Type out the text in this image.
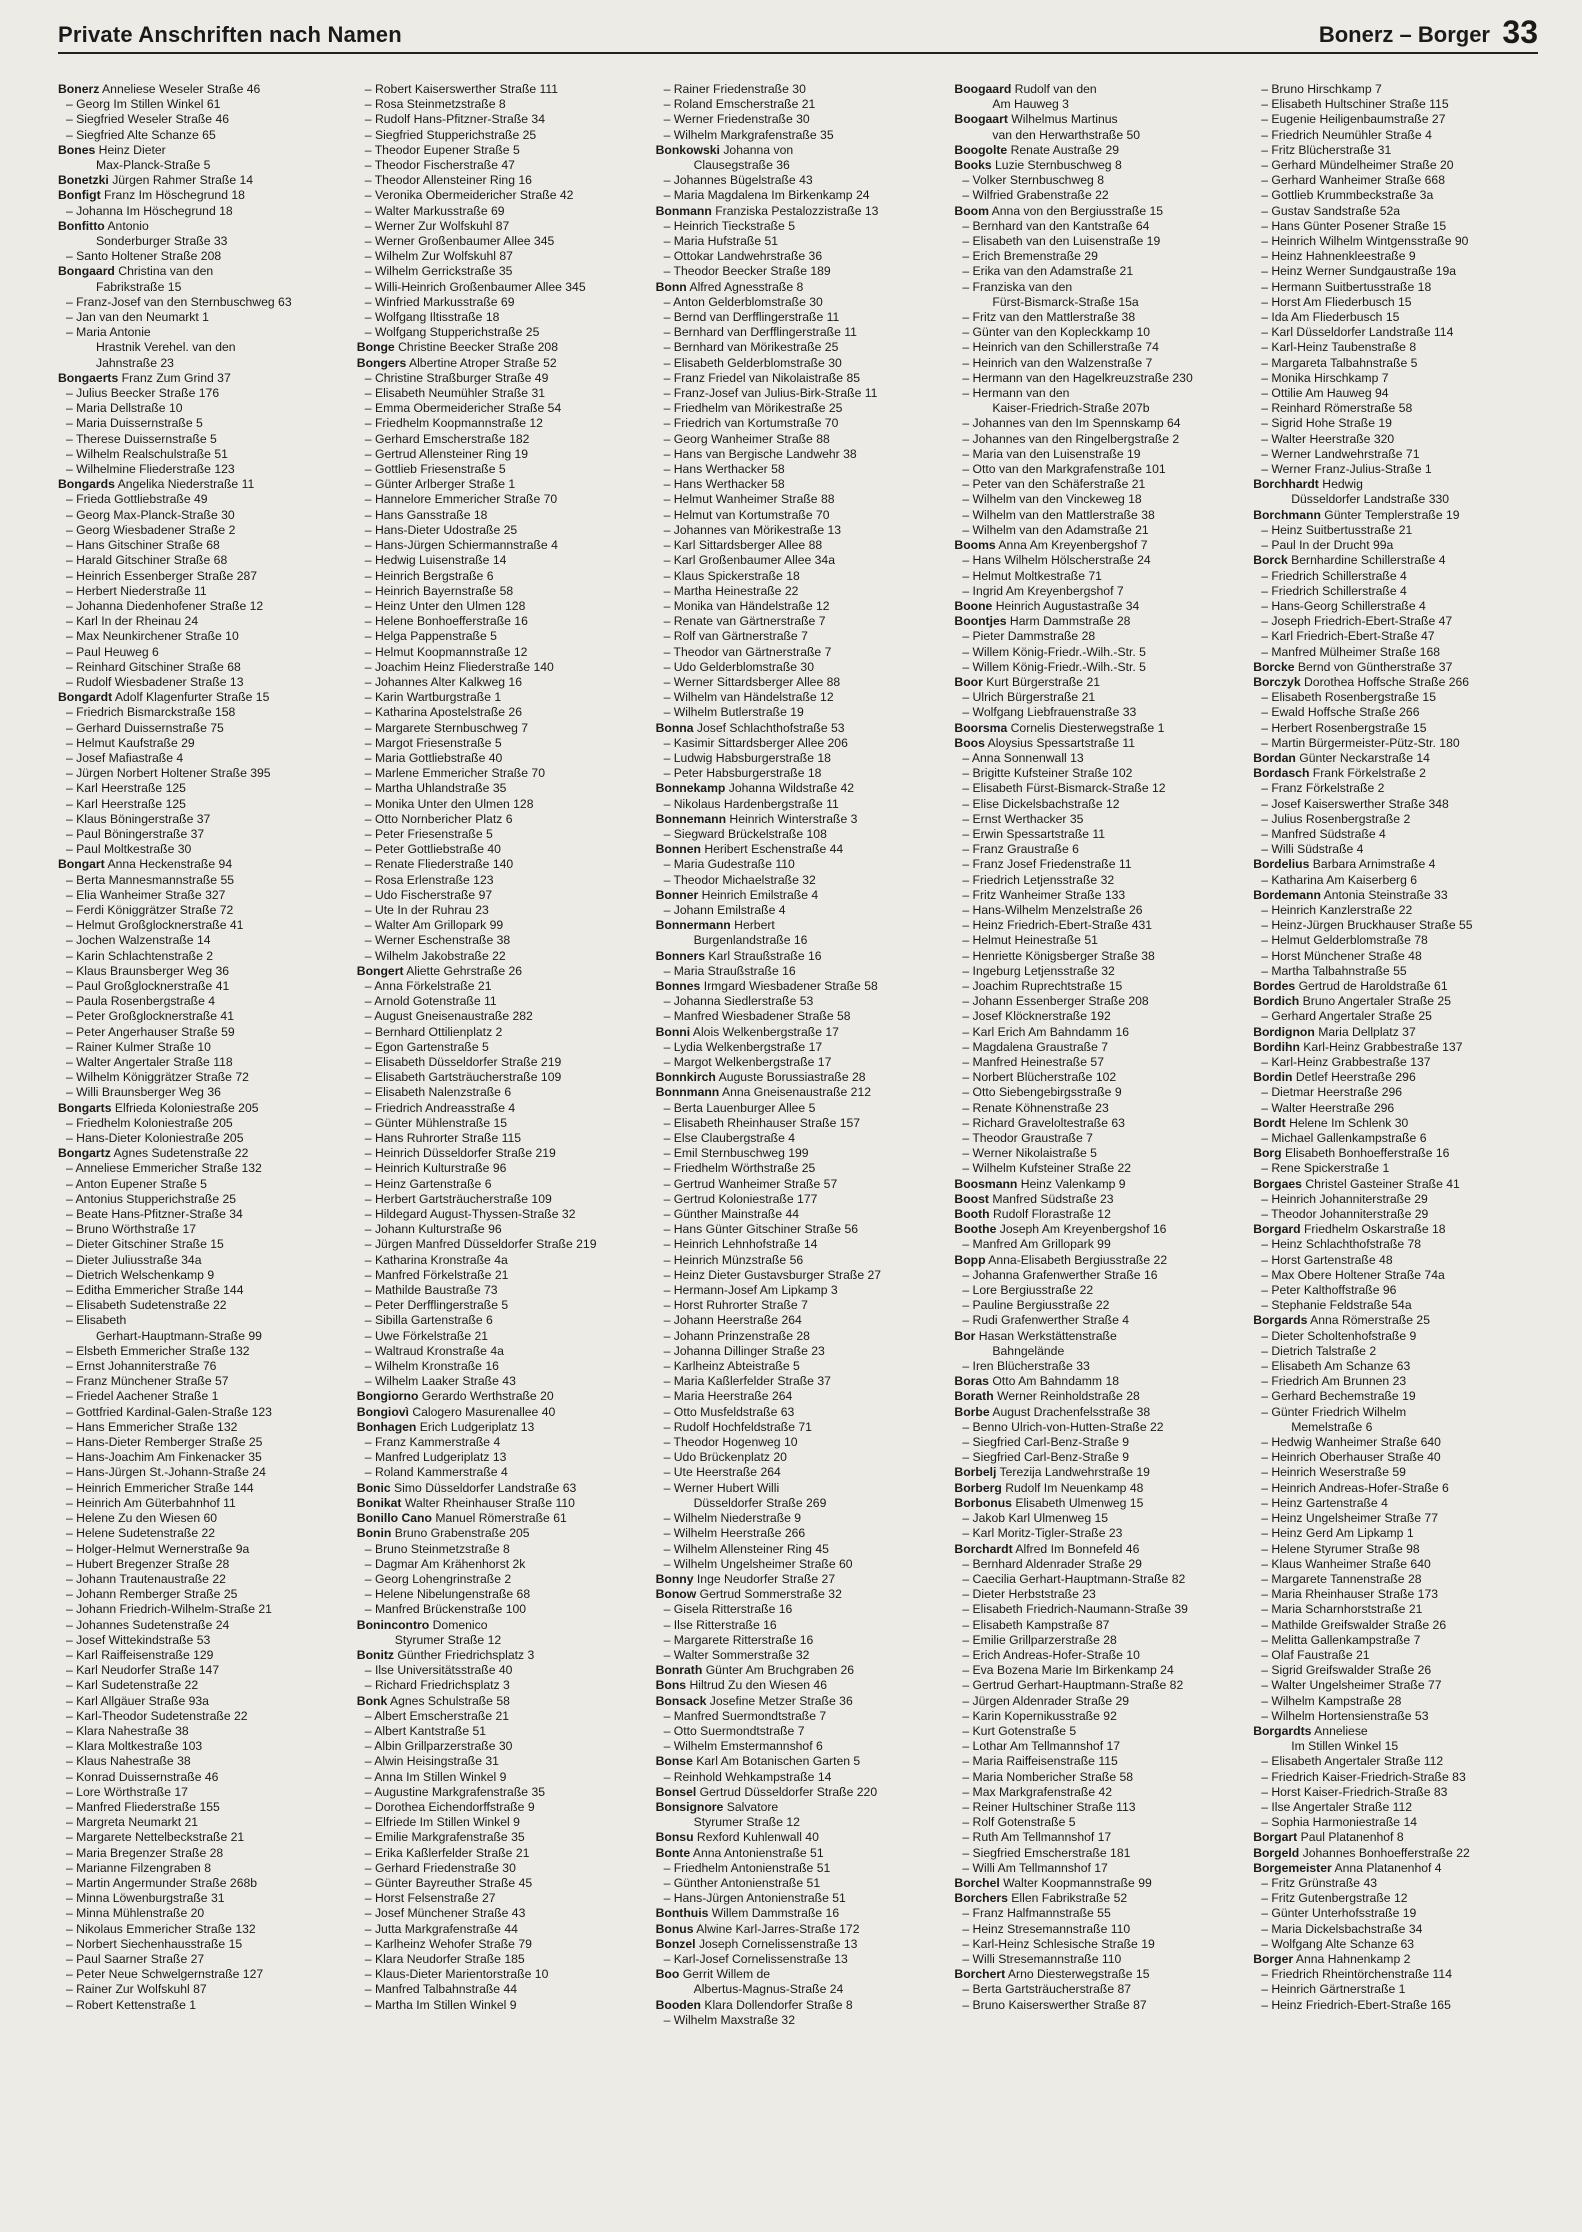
Private Anschriften nach Namen	Bonerz – Borger 33
Bonerz Anneliese Weseler Straße 46
– Georg Im Stillen Winkel 61
– Siegfried Weseler Straße 46
– Siegfried Alte Schanze 65
Bones Heinz Dieter
Max-Planck-Straße 5
Bonetzki Jürgen Rahmer Straße 14
Bonfigt Franz Im Höschegrund 18
– Johanna Im Höschegrund 18
Bonfitto Antonio
Sonderburger Straße 33
– Santo Holtener Straße 208
Bongaard Christina van den
Fabrikstraße 15
– Franz-Josef van den Sternbuschweg 63
– Jan van den Neumarkt 1
– Maria Antonie
Hrastnik Verehel. van den
Jahnstraße 23
Bongaerts Franz Zum Grind 37
– Julius Beecker Straße 176
– Maria Dellstraße 10
– Maria Duissernstraße 5
– Therese Duissernstraße 5
– Wilhelm Realschulstraße 51
– Wilhelmine Fliederstraße 123
Bongards Angelika Niederstraße 11
– Frieda Gottliebstraße 49
– Georg Max-Planck-Straße 30
– Georg Wiesbadener Straße 2
– Hans Gitschiner Straße 68
– Harald Gitschiner Straße 68
– Heinrich Essenberger Straße 287
– Herbert Niederstraße 11
– Johanna Diedenhofener Straße 12
– Karl In der Rheinau 24
– Max Neunkirchener Straße 10
– Paul Heuweg 6
– Reinhard Gitschiner Straße 68
– Rudolf Wiesbadener Straße 13
Bongardt Adolf Klagenfurter Straße 15
– Friedrich Bismarckstraße 158
– Gerhard Duissernstraße 75
– Helmut Kaufstraße 29
– Josef Mafiastraße 4
– Jürgen Norbert Holtener Straße 395
– Karl Heerstraße 125
– Karl Heerstraße 125
– Klaus Böningerstraße 37
– Paul Böningerstraße 37
– Paul Moltkestraße 30
Bongart Anna Heckenstraße 94
– Berta Mannesmannstraße 55
– Elia Wanheimer Straße 327
– Ferdi Königgrätzer Straße 72
– Helmut Großglocknerstraße 41
– Jochen Walzenstraße 14
– Karin Schlachtenstraße 2
– Klaus Braunsberger Weg 36
– Paul Großglocknerstraße 41
– Paula Rosenbergstraße 4
– Peter Großglocknerstraße 41
– Peter Angerhauser Straße 59
– Rainer Kulmer Straße 10
– Walter Angertaler Straße 118
– Wilhelm Königgrätzer Straße 72
– Willi Braunsberger Weg 36
Bongarts Elfrieda Koloniestraße 205
– Friedhelm Koloniestraße 205
– Hans-Dieter Koloniestraße 205
Bongartz Agnes Sudetenstraße 22
– Anneliese Emmericher Straße 132
– Anton Eupener Straße 5
– Antonius Stupperichstraße 25
– Beate Hans-Pfitzner-Straße 34
– Bruno Wörthstraße 17
– Dieter Gitschiner Straße 15
– Dieter Juliusstraße 34a
– Dietrich Welschenkamp 9
– Editha Emmericher Straße 144
– Elisabeth Sudetenstraße 22
– Elisabeth
Gerhart-Hauptmann-Straße 99
– Elsbeth Emmericher Straße 132
– Ernst Johanniterstraße 76
– Franz Münchener Straße 57
– Friedel Aachener Straße 1
– Gottfried Kardinal-Galen-Straße 123
– Hans Emmericher Straße 132
– Hans-Dieter Remberger Straße 25
– Hans-Joachim Am Finkenacker 35
– Hans-Jürgen St.-Johann-Straße 24
– Heinrich Emmericher Straße 144
– Heinrich Am Güterbahnhof 11
– Helene Zu den Wiesen 60
– Helene Sudetenstraße 22
– Holger-Helmut Wernerstraße 9a
– Hubert Bregenzer Straße 28
– Johann Trautenaustraße 22
– Johann Remberger Straße 25
– Johann Friedrich-Wilhelm-Straße 21
– Johannes Sudetenstraße 24
– Josef Wittekindstraße 53
– Karl Raiffeisenstraße 129
– Karl Neudorfer Straße 147
– Karl Sudetenstraße 22
– Karl Allgäuer Straße 93a
– Karl-Theodor Sudetenstraße 22
– Klara Nahestraße 38
– Klara Moltkestraße 103
– Klaus Nahestraße 38
– Konrad Duissernstraße 46
– Lore Wörthstraße 17
– Manfred Fliederstraße 155
– Margreta Neumarkt 21
– Margarete Nettelbeckstraße 21
– Maria Bregenzer Straße 28
– Marianne Filzengraben 8
– Martin Angermunder Straße 268b
– Minna Löwenburgstraße 31
– Minna Mühlenstraße 20
– Nikolaus Emmericher Straße 132
– Norbert Siechenhausstraße 15
– Paul Saarner Straße 27
– Peter Neue Schwelgernstraße 127
– Rainer Zur Wolfskuhl 87
– Robert Kettenstraße 1
– Robert Kaiserswerther Straße 111
– Rosa Steinmetzstraße 8
– Rudolf Hans-Pfitzner-Straße 34
– Siegfried Stupperichstraße 25
– Theodor Eupener Straße 5
– Theodor Fischerstraße 47
– Theodor Allensteiner Ring 16
– Veronika Obermeidericher Straße 42
– Walter Markusstraße 69
– Werner Zur Wolfskuhl 87
– Werner Großenbaumer Allee 345
– Wilhelm Zur Wolfskuhl 87
– Wilhelm Gerrickstraße 35
– Willi-Heinrich Großenbaumer Allee 345
– Winfried Markusstraße 69
– Wolfgang Iltisstraße 18
– Wolfgang Stupperichstraße 25
Bonge Christine Beecker Straße 208
Bongers Albertine Atroper Straße 52
– Christine Straßburger Straße 49
– Elisabeth Neumühler Straße 31
– Emma Obermeidericher Straße 54
– Friedhelm Koopmannstraße 12
– Gerhard Emscherstraße 182
– Gertrud Allensteiner Ring 19
– Gottlieb Friesenstraße 5
– Günter Arlberger Straße 1
– Hannelore Emmericher Straße 70
– Hans Gansstraße 18
– Hans-Dieter Udostraße 25
– Hans-Jürgen Schiermannstraße 4
– Hedwig Luisenstraße 14
– Heinrich Bergstraße 6
– Heinrich Bayernstraße 58
– Heinz Unter den Ulmen 128
– Helene Bonhoefferstraße 16
– Helga Pappenstraße 5
– Helmut Koopmannstraße 12
– Joachim Heinz Fliederstraße 140
– Johannes Alter Kalkweg 16
– Karin Wartburgstraße 1
– Katharina Apostelstraße 26
– Margarete Sternbuschweg 7
– Margot Friesenstraße 5
– Maria Gottliebstraße 40
– Marlene Emmericher Straße 70
– Martha Uhlandstraße 35
– Monika Unter den Ulmen 128
– Otto Nornbericher Platz 6
– Peter Friesenstraße 5
– Peter Gottliebstraße 40
– Renate Fliederstraße 140
– Rosa Erlenstraße 123
– Udo Fischerstraße 97
– Ute In der Ruhrau 23
– Walter Am Grillopark 99
– Werner Eschenstraße 38
– Wilhelm Jakobstraße 22
Bongert Aliette Gehrstraße 26
– Anna Förkelstraße 21
– Arnold Gotenstraße 11
– August Gneisenaustraße 282
– Bernhard Ottilienplatz 2
– Egon Gartenstraße 5
– Elisabeth Düsseldorfer Straße 219
– Elisabeth Gartsträucherstraße 109
– Elisabeth Nalenzstraße 6
– Friedrich Andreasstraße 4
– Günter Mühlenstraße 15
– Hans Ruhrorter Straße 115
– Heinrich Düsseldorfer Straße 219
– Heinrich Kulturstraße 96
– Heinz Gartenstraße 6
– Herbert Gartsträucherstraße 109
– Hildegard August-Thyssen-Straße 32
– Johann Kulturstraße 96
– Jürgen Manfred Düsseldorfer Straße 219
– Katharina Kronstraße 4a
– Manfred Förkelstraße 21
– Mathilde Baustraße 73
– Peter Derfflingerstraße 5
– Sibilla Gartenstraße 6
– Uwe Förkelstraße 21
– Waltraud Kronstraße 4a
– Wilhelm Kronstraße 16
– Wilhelm Laaker Straße 43
Bongiorno Gerardo Werthstraße 20
Bongiovì Calogero Masurenallee 40
Bonhagen Erich Ludgeriplatz 13
– Franz Kammerstraße 4
– Manfred Ludgeriplatz 13
– Roland Kammerstraße 4
Bonic Simo Düsseldorfer Landstraße 63
Bonikat Walter Rheinhauser Straße 110
Bonillo Cano Manuel Römerstraße 61
Bonin Bruno Grabenstraße 205
– Bruno Steinmetzstraße 8
– Dagmar Am Krähenhorst 2k
– Georg Lohengrinstraße 2
– Helene Nibelungenstraße 68
– Manfred Brückenstraße 100
Bonincontro Domenico
Styrumer Straße 12
Bonitz Günther Friedrichsplatz 3
– Ilse Universitätsstraße 40
– Richard Friedrichsplatz 3
Bonk Agnes Schulstraße 58
– Albert Emscherstraße 21
– Albert Kantstraße 51
– Albin Grillparzerstraße 30
– Alwin Heisingstraße 31
– Anna Im Stillen Winkel 9
– Augustine Markgrafenstraße 35
– Dorothea Eichendorffstraße 9
– Elfriede Im Stillen Winkel 9
– Emilie Markgrafenstraße 35
– Erika Kaßlerfelder Straße 21
– Gerhard Friedenstraße 30
– Günter Bayreuther Straße 45
– Horst Felsenstraße 27
– Josef Münchener Straße 43
– Jutta Markgrafenstraße 44
– Karlheinz Wehofer Straße 79
– Klara Neudorfer Straße 185
– Klaus-Dieter Marientorstraße 10
– Manfred Talbahnstraße 44
– Martha Im Stillen Winkel 9
– Rainer Friedenstraße 30
– Roland Emscherstraße 21
– Werner Friedenstraße 30
– Wilhelm Markgrafenstraße 35
Bonkowski Johanna von
Clausegstraße 36
– Johannes Bügelstraße 43
– Maria Magdalena Im Birkenkamp 24
Bonmann Franziska Pestalozzistraße 13
– Heinrich Tieckstraße 5
– Maria Hufstraße 51
– Ottokar Landwehrstraße 36
– Theodor Beecker Straße 189
Bonn Alfred Agnesstraße 8
– Anton Gelderblomstraße 30
– Bernd van Derfflingerstraße 11
– Bernhard van Derfflingerstraße 11
– Bernhard van Mörikestraße 25
– Elisabeth Gelderblomstraße 30
– Franz Friedel van Nikolaistraße 85
– Franz-Josef van Julius-Birk-Straße 11
– Friedhelm van Mörikestraße 25
– Friedrich van Kortumstraße 70
– Georg Wanheimer Straße 88
– Hans van Bergische Landwehr 38
– Hans Werthacker 58
– Hans Werthacker 58
– Helmut Wanheimer Straße 88
– Helmut van Kortumstraße 70
– Johannes van Mörikestraße 13
– Karl Sittardsberger Allee 88
– Karl Großenbaumer Allee 34a
– Klaus Spickerstraße 18
– Martha Heinestraße 22
– Monika van Händelstraße 12
– Renate van Gärtnerstraße 7
– Rolf van Gärtnerstraße 7
– Theodor van Gärtnerstraße 7
– Udo Gelderblomstraße 30
– Werner Sittardsberger Allee 88
– Wilhelm van Händelstraße 12
– Wilhelm Butlerstraße 19
Bonna Josef Schlachthofstraße 53
– Kasimir Sittardsberger Allee 206
– Ludwig Habsburgerstraße 18
– Peter Habsburgerstraße 18
Bonnekamp Johanna Wildstraße 42
– Nikolaus Hardenbergstraße 11
Bonnemann Heinrich Winterstraße 3
– Siegward Brückelstraße 108
Bonnen Heribert Eschenstraße 44
– Maria Gudestraße 110
– Theodor Michaelstraße 32
Bonner Heinrich Emilstraße 4
– Johann Emilstraße 4
Bonnermann Herbert
Burgenlandstraße 16
Bonners Karl Straußstraße 16
– Maria Straußstraße 16
Bonnes Irmgard Wiesbadener Straße 58
– Johanna Siedlerstraße 53
– Manfred Wiesbadener Straße 58
Bonni Alois Welkenbergstraße 17
– Lydia Welkenbergstraße 17
– Margot Welkenbergstraße 17
Bonnkirch Auguste Borussiastraße 28
Bonnmann Anna Gneisenaustraße 212
– Berta Lauenburger Allee 5
– Elisabeth Rheinhauser Straße 157
– Else Claubergstraße 4
– Emil Sternbuschweg 199
– Friedhelm Wörthstraße 25
– Gertrud Wanheimer Straße 57
– Gertrud Koloniestraße 177
– Günther Mainstraße 44
– Hans Günter Gitschiner Straße 56
– Heinrich Lehnhofstraße 14
– Heinrich Münzstraße 56
– Heinz Dieter Gustavsburger Straße 27
– Hermann-Josef Am Lipkamp 3
– Horst Ruhrorter Straße 7
– Johann Heerstraße 264
– Johann Prinzenstraße 28
– Johanna Dillinger Straße 23
– Karlheinz Abteistraße 5
– Maria Kaßlerfelder Straße 37
– Maria Heerstraße 264
– Otto Musfeldstraße 63
– Rudolf Hochfeldstraße 71
– Theodor Hogenweg 10
– Udo Brückenplatz 20
– Ute Heerstraße 264
– Werner Hubert Willi
Düsseldorfer Straße 269
– Wilhelm Niederstraße 9
– Wilhelm Heerstraße 266
– Wilhelm Allensteiner Ring 45
– Wilhelm Ungelsheimer Straße 60
Bonny Inge Neudorfer Straße 27
Bonow Gertrud Sommerstraße 32
– Gisela Ritterstraße 16
– Ilse Ritterstraße 16
– Margarete Ritterstraße 16
– Walter Sommerstraße 32
Bonrath Günter Am Bruchgraben 26
Bons Hiltrud Zu den Wiesen 46
Bonsack Josefine Metzer Straße 36
– Manfred Suermondtstraße 7
– Otto Suermondtstraße 7
– Wilhelm Emstermannshof 6
Bonse Karl Am Botanischen Garten 5
– Reinhold Wehkampstraße 14
Bonsel Gertrud Düsseldorfer Straße 220
Bonsignore Salvatore
Styrumer Straße 12
Bonsu Rexford Kuhlenwall 40
Bonte Anna Antonienstraße 51
– Friedhelm Antonienstraße 51
– Günther Antonienstraße 51
– Hans-Jürgen Antonienstraße 51
Bonthuis Willem Dammstraße 16
Bonus Alwine Karl-Jarres-Straße 172
Bonzel Joseph Cornelissenstraße 13
– Karl-Josef Cornelissenstraße 13
Boo Gerrit Willem de
Albertus-Magnus-Straße 24
Booden Klara Dollendorfer Straße 8
– Wilhelm Maxstraße 32
Boogaard Rudolf van den
Am Hauweg 3
Boogaart Wilhelmus Martinus
van den Herwarthstraße 50
Boogolte Renate Austraße 29
Books Luzie Sternbuschweg 8
– Volker Sternbuschweg 8
– Wilfried Grabenstraße 22
Boom Anna von den Bergiusstraße 15
– Bernhard van den Kantstraße 64
– Elisabeth van den Luisenstraße 19
– Erich Bremenstraße 29
– Erika van den Adamstraße 21
– Franziska van den
Fürst-Bismarck-Straße 15a
– Fritz van den Mattlerstraße 38
– Günter van den Kopleckkamp 10
– Heinrich van den Schillerstraße 74
– Heinrich van den Walzenstraße 7
– Hermann van den Hagelkreuzstraße 230
– Hermann van den
Kaiser-Friedrich-Straße 207b
– Johannes van den Im Spennskamp 64
– Johannes van den Ringelbergstraße 2
– Maria van den Luisenstraße 19
– Otto van den Markgrafenstraße 101
– Peter van den Schäferstraße 21
– Wilhelm van den Vinckeweg 18
– Wilhelm van den Mattlerstraße 38
– Wilhelm van den Adamstraße 21
Booms Anna Am Kreyenbergshof 7
– Hans Wilhelm Hölscherstraße 24
– Helmut Moltkestraße 71
– Ingrid Am Kreyenbergshof 7
Boone Heinrich Augustastraße 34
Boontjes Harm Dammstraße 28
– Pieter Dammstraße 28
– Willem König-Friedr.-Wilh.-Str. 5
– Willem König-Friedr.-Wilh.-Str. 5
Boor Kurt Bürgerstraße 21
– Ulrich Bürgerstraße 21
– Wolfgang Liebfrauenstraße 33
Boorsma Cornelis Diesterwegstraße 1
Boos Aloysius Spessartstraße 11
– Anna Sonnenwall 13
– Brigitte Kufsteiner Straße 102
– Elisabeth Fürst-Bismarck-Straße 12
– Elise Dickelsbachstraße 12
– Ernst Werthacker 35
– Erwin Spessartstraße 11
– Franz Graustraße 6
– Franz Josef Friedenstraße 11
– Friedrich Letjensstraße 32
– Fritz Wanheimer Straße 133
– Hans-Wilhelm Menzelstraße 26
– Heinz Friedrich-Ebert-Straße 431
– Helmut Heinestraße 51
– Henriette Königsberger Straße 38
– Ingeburg Letjensstraße 32
– Joachim Ruprechtstraße 15
– Johann Essenberger Straße 208
– Josef Klöcknerstraße 192
– Karl Erich Am Bahndamm 16
– Magdalena Graustraße 7
– Manfred Heinestraße 57
– Norbert Blücherstraße 102
– Otto Siebengebirgsstraße 9
– Renate Köhnenstraße 23
– Richard Graveloltestraße 63
– Theodor Graustraße 7
– Werner Nikolaistraße 5
– Wilhelm Kufsteiner Straße 22
Boosmann Heinz Valenkamp 9
Boost Manfred Südstraße 23
Booth Rudolf Florastraße 12
Boothe Joseph Am Kreyenbergshof 16
– Manfred Am Grillopark 99
Bopp Anna-Elisabeth Bergiusstraße 22
– Johanna Grafenwerther Straße 16
– Lore Bergiusstraße 22
– Pauline Bergiusstraße 22
– Rudi Grafenwerther Straße 4
Bor Hasan Werkstättenstraße
Bahngelände
– Iren Blücherstraße 33
Boras Otto Am Bahndamm 18
Borath Werner Reinholdstraße 28
Borbe August Drachenfelsstraße 38
– Benno Ulrich-von-Hutten-Straße 22
– Siegfried Carl-Benz-Straße 9
– Siegfried Carl-Benz-Straße 9
Borbelj Terezija Landwehrstraße 19
Borberg Rudolf Im Neuenkamp 48
Borbonus Elisabeth Ulmenweg 15
– Jakob Karl Ulmenweg 15
– Karl Moritz-Tigler-Straße 23
Borchardt Alfred Im Bonnefeld 46
– Bernhard Aldenrader Straße 29
– Caecilia Gerhart-Hauptmann-Straße 82
– Dieter Herbststraße 23
– Elisabeth Friedrich-Naumann-Straße 39
– Elisabeth Kampstraße 87
– Emilie Grillparzerstraße 28
– Erich Andreas-Hofer-Straße 10
– Eva Bozena Marie Im Birkenkamp 24
– Gertrud Gerhart-Hauptmann-Straße 82
– Jürgen Aldenrader Straße 29
– Karin Kopernikusstraße 92
– Kurt Gotenstraße 5
– Lothar Am Tellmannshof 17
– Maria Raiffeisenstraße 115
– Maria Nombericher Straße 58
– Max Markgrafenstraße 42
– Reiner Hultschiner Straße 113
– Rolf Gotenstraße 5
– Ruth Am Tellmannshof 17
– Siegfried Emscherstraße 181
– Willi Am Tellmannshof 17
Borchel Walter Koopmannstraße 99
Borchers Ellen Fabrikstraße 52
– Franz Halfmannstraße 55
– Heinz Stresemannstraße 110
– Karl-Heinz Schlesische Straße 19
– Willi Stresemannstraße 110
Borchert Arno Diesterwegstraße 15
– Berta Gartsträucherstraße 87
– Bruno Kaiserswerther Straße 87
– Bruno Hirschkamp 7
– Elisabeth Hultschiner Straße 115
– Eugenie Heiligenbaumstraße 27
– Friedrich Neumühler Straße 4
– Fritz Blücherstraße 31
– Gerhard Mündelheimer Straße 20
– Gerhard Wanheimer Straße 668
– Gottlieb Krummbeckstraße 3a
– Gustav Sandstraße 52a
– Hans Günter Posener Straße 15
– Heinrich Wilhelm Wintgensstraße 90
– Heinz Hahnenkleestraße 9
– Heinz Werner Sundgaustraße 19a
– Hermann Suitbertusstraße 18
– Horst Am Fliederbusch 15
– Ida Am Fliederbusch 15
– Karl Düsseldorfer Landstraße 114
– Karl-Heinz Taubenstraße 8
– Margareta Talbahnstraße 5
– Monika Hirschkamp 7
– Ottilie Am Hauweg 94
– Reinhard Römerstraße 58
– Sigrid Hohe Straße 19
– Walter Heerstraße 320
– Werner Landwehrstraße 71
– Werner Franz-Julius-Straße 1
Borchhardt Hedwig
Düsseldorfer Landstraße 330
Borchmann Günter Templerstraße 19
– Heinz Suitbertusstraße 21
– Paul In der Drucht 99a
Borck Bernhardine Schillerstraße 4
– Friedrich Schillerstraße 4
– Friedrich Schillerstraße 4
– Hans-Georg Schillerstraße 4
– Joseph Friedrich-Ebert-Straße 47
– Karl Friedrich-Ebert-Straße 47
– Manfred Mülheimer Straße 168
Borcke Bernd von Güntherstraße 37
Borczyk Dorothea Hoffsche Straße 266
– Elisabeth Rosenbergstraße 15
– Ewald Hoffsche Straße 266
– Herbert Rosenbergstraße 15
– Martin Bürgermeister-Pütz-Str. 180
Bordan Günter Neckarstraße 14
Bordasch Frank Förkelstraße 2
– Franz Förkelstraße 2
– Josef Kaiserswerther Straße 348
– Julius Rosenbergstraße 2
– Manfred Südstraße 4
– Willi Südstraße 4
Bordelius Barbara Arnimstraße 4
– Katharina Am Kaiserberg 6
Bordemann Antonia Steinstraße 33
– Heinrich Kanzlerstraße 22
– Heinz-Jürgen Bruckhauser Straße 55
– Helmut Gelderblomstraße 78
– Horst Münchener Straße 48
– Martha Talbahnstraße 55
Bordes Gertrud de Haroldstraße 61
Bordich Bruno Angertaler Straße 25
– Gerhard Angertaler Straße 25
Bordignon Maria Dellplatz 37
Bordihn Karl-Heinz Grabbestraße 137
– Karl-Heinz Grabbestraße 137
Bordin Detlef Heerstraße 296
– Dietmar Heerstraße 296
– Walter Heerstraße 296
Bordt Helene Im Schlenk 30
– Michael Gallenkampstraße 6
Borg Elisabeth Bonhoefferstraße 16
– Rene Spickerstraße 1
Borgaes Christel Gasteiner Straße 41
– Heinrich Johanniterstraße 29
– Theodor Johanniterstraße 29
Borgard Friedhelm Oskarstraße 18
– Heinz Schlachthofstraße 78
– Horst Gartenstraße 48
– Max Obere Holtener Straße 74a
– Peter Kalthoffstraße 96
– Stephanie Feldstraße 54a
Borgards Anna Römerstraße 25
– Dieter Scholtenhofstraße 9
– Dietrich Talstraße 2
– Elisabeth Am Schanze 63
– Friedrich Am Brunnen 23
– Gerhard Bechemstraße 19
– Günter Friedrich Wilhelm
Memelstraße 6
– Hedwig Wanheimer Straße 640
– Heinrich Oberhauser Straße 40
– Heinrich Weserstraße 59
– Heinrich Andreas-Hofer-Straße 6
– Heinz Gartenstraße 4
– Heinz Ungelsheimer Straße 77
– Heinz Gerd Am Lipkamp 1
– Helene Styrumer Straße 98
– Klaus Wanheimer Straße 640
– Margarete Tannenstraße 28
– Maria Rheinhauser Straße 173
– Maria Scharnhorststraße 21
– Mathilde Greifswalder Straße 26
– Melitta Gallenkampstraße 7
– Olaf Faustraße 21
– Sigrid Greifswalder Straße 26
– Walter Ungelsheimer Straße 77
– Wilhelm Kampstraße 28
– Wilhelm Hortensienstraße 53
Borgardts Anneliese
Im Stillen Winkel 15
– Elisabeth Angertaler Straße 112
– Friedrich Kaiser-Friedrich-Straße 83
– Horst Kaiser-Friedrich-Straße 83
– Ilse Angertaler Straße 112
– Sophia Harmoniestraße 14
Borgart Paul Platanenhof 8
Borgeld Johannes Bonhoefferstraße 22
Borgemeister Anna Platanenhof 4
– Fritz Grünstraße 43
– Fritz Gutenbergstraße 12
– Günter Unterhofsstraße 19
– Maria Dickelsbachstraße 34
– Wolfgang Alte Schanze 63
Borger Anna Hahnenkamp 2
– Friedrich Rheintörchenstraße 114
– Heinrich Gärtnerstraße 1
– Heinz Friedrich-Ebert-Straße 165
